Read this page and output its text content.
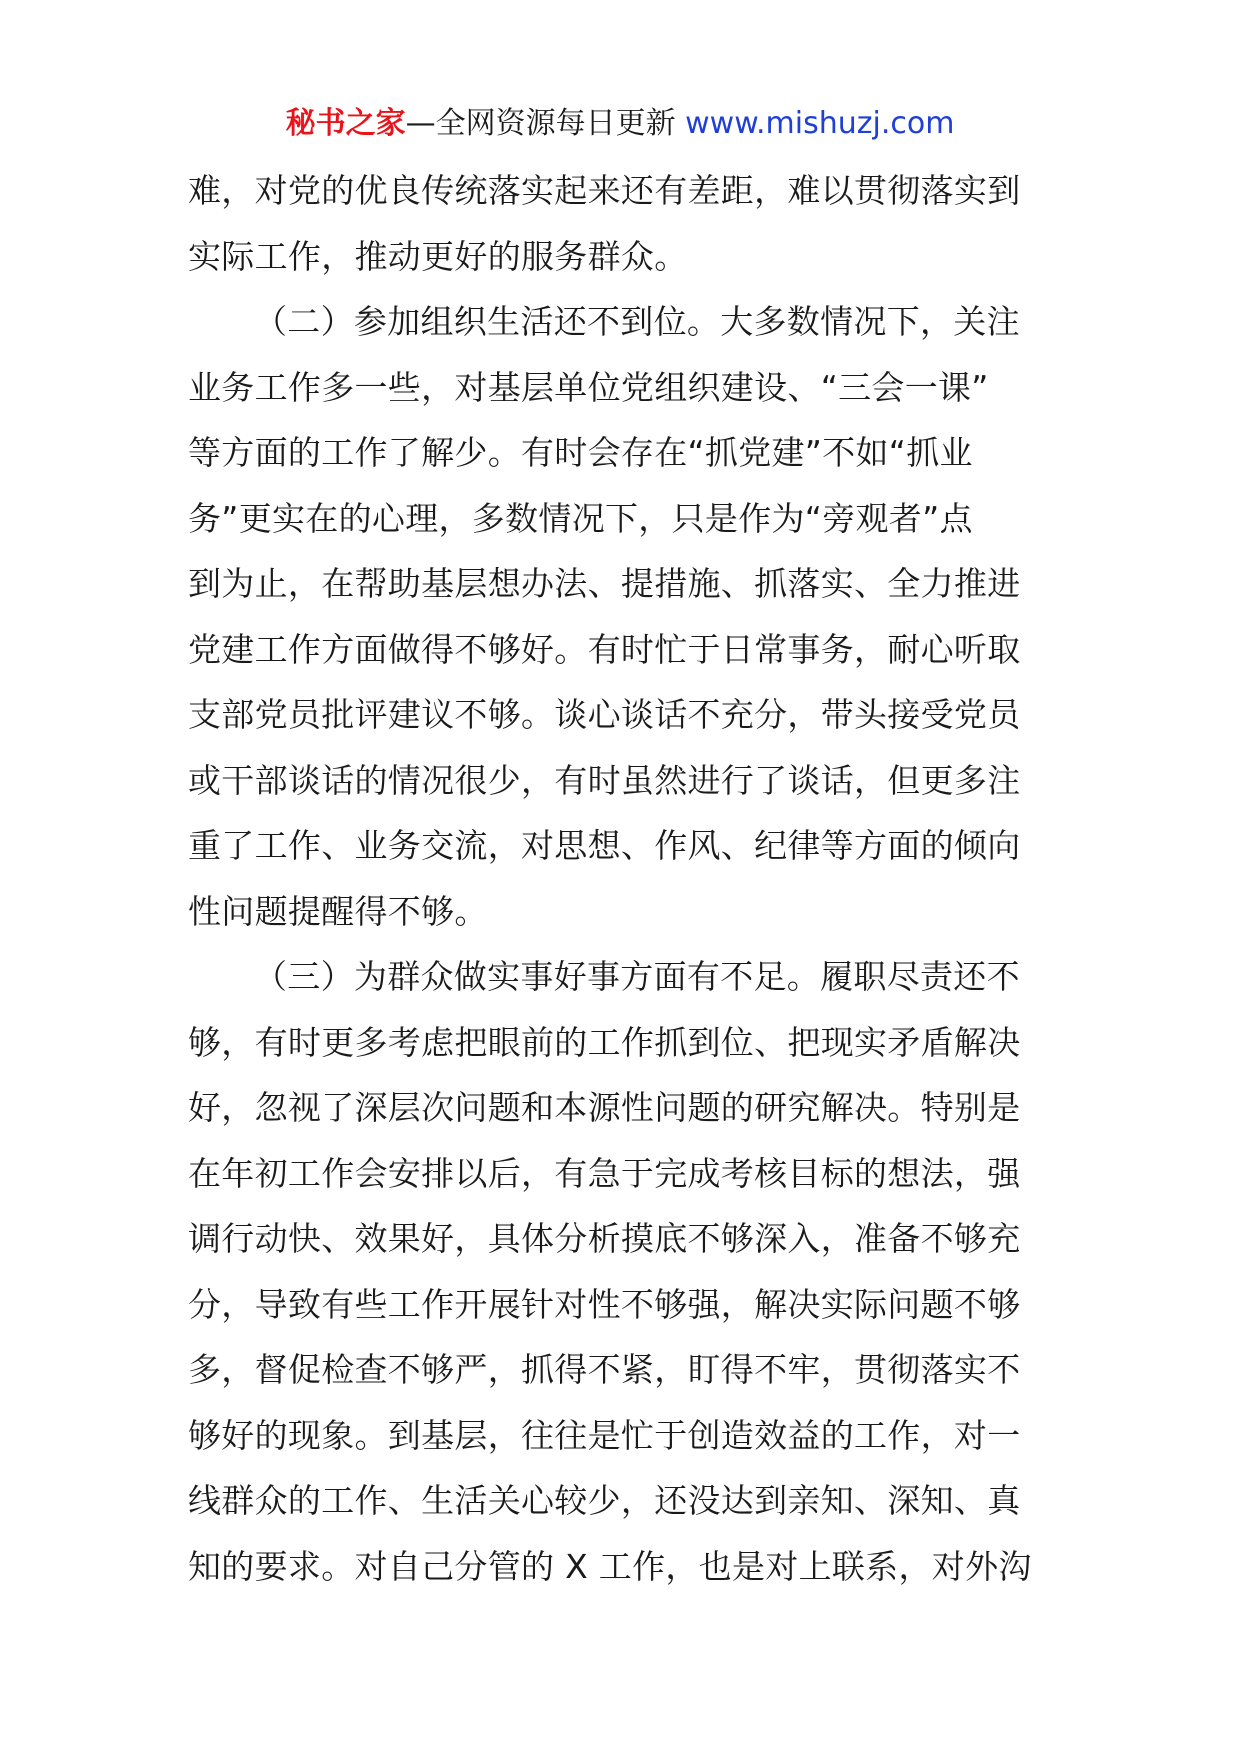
秘书之家—全网资源每日更新 www.mishuzj.com
难，对党的优良传统落实起来还有差距，难以贯彻落实到
实际工作，推动更好的服务群众。
（二）参加组织生活还不到位。大多数情况下，关注
业务工作多一些，对基层单位党组织建设、“三会一课”
等方面的工作了解少。有时会存在“抓党建”不如“抓业
务”更实在的心理，多数情况下，只是作为“旁观者”点
到为止，在帮助基层想办法、提措施、抓落实、全力推进
党建工作方面做得不够好。有时忙于日常事务，耐心听取
支部党员批评建议不够。谈心谈话不充分，带头接受党员
或干部谈话的情况很少，有时虽然进行了谈话，但更多注
重了工作、业务交流，对思想、作风、纪律等方面的倾向
性问题提醒得不够。
（三）为群众做实事好事方面有不足。履职尽责还不
够，有时更多考虑把眼前的工作抓到位、把现实矛盾解决
好，忽视了深层次问题和本源性问题的研究解决。特别是
在年初工作会安排以后，有急于完成考核目标的想法，强
调行动快、效果好，具体分析摸底不够深入，准备不够充
分，导致有些工作开展针对性不够强，解决实际问题不够
多，督促检查不够严，抓得不紧，盯得不牢，贯彻落实不
够好的现象。到基层，往往是忙于创造效益的工作，对一
线群众的工作、生活关心较少，还没达到亲知、深知、真
知的要求。对自己分管的 X 工作，也是对上联系，对外沟
